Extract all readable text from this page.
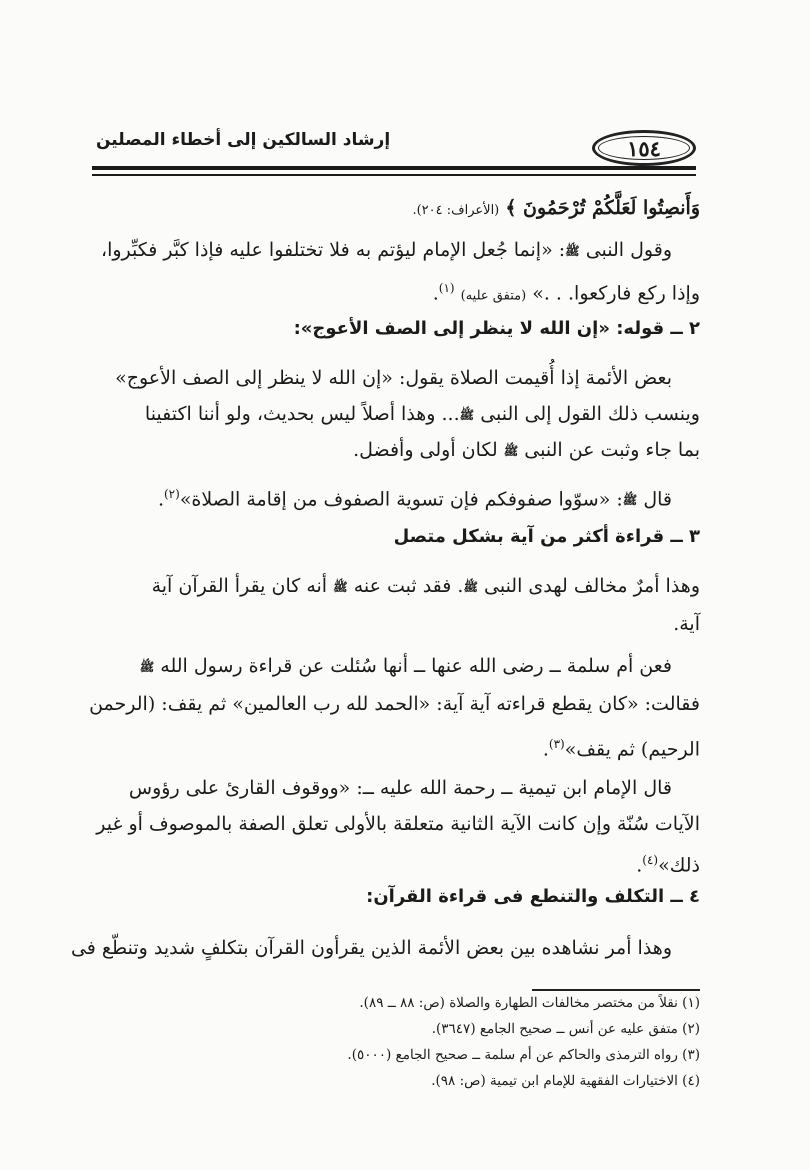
١٥٤
إرشاد السالكين إلى أخطاء المصلين

وَأَنصِتُوا لَعَلَّكُمْ تُرْحَمُونَ ﴾ (الأعراف: ٢٠٤).

وقول النبى ﷺ: «إنما جُعل الإمام ليؤتم به فلا تختلفوا عليه فإذا كبَّر فكبِّروا،

وإذا ركع فاركعوا. . .» (متفق عليه) $^{(١)}$.

٢ ــ قوله: «إن الله لا ينظر إلى الصف الأعوج»:

بعض الأئمة إذا أُقيمت الصلاة يقول: «إن الله لا ينظر إلى الصف الأعوج»

وينسب ذلك القول إلى النبى ﷺ... وهذا أصلاً ليس بحديث، ولو أننا اكتفينا

بما جاء وثبت عن النبى ﷺ لكان أولى وأفضل.

قال ﷺ: «سوّوا صفوفكم فإن تسوية الصفوف من إقامة الصلاة»$^{(٢)}$.

٣ ــ قراءة أكثر من آية بشكل متصل

وهذا أمرٌ مخالف لهدى النبى ﷺ. فقد ثبت عنه ﷺ أنه كان يقرأ القرآن آية

آية.

فعن أم سلمة ــ رضى الله عنها ــ أنها سُئلت عن قراءة رسول الله ﷺ

فقالت: «كان يقطع قراءته آية آية: «الحمد لله رب العالمين» ثم يقف: (الرحمن

الرحيم) ثم يقف»$^{(٣)}$.

قال الإمام ابن تيمية ــ رحمة الله عليه ــ: «ووقوف القارئ على رؤوس

الآيات سُنّة وإن كانت الآية الثانية متعلقة بالأولى تعلق الصفة بالموصوف أو غير

ذلك»$^{(٤)}$.

٤ ــ التكلف والتنطع فى قراءة القرآن:

وهذا أمر نشاهده بين بعض الأئمة الذين يقرأون القرآن بتكلفٍ شديد وتنطّع فى

(١) نقلاً من مختصر مخالفات الطهارة والصلاة (ص: ٨٨ ــ ٨٩).

(٢) متفق عليه عن أنس ــ صحيح الجامع (٣٦٤٧).

(٣) رواه الترمذى والحاكم عن أم سلمة ــ صحيح الجامع (٥٠٠٠).

(٤) الاختيارات الفقهية للإمام ابن تيمية (ص: ٩٨).
